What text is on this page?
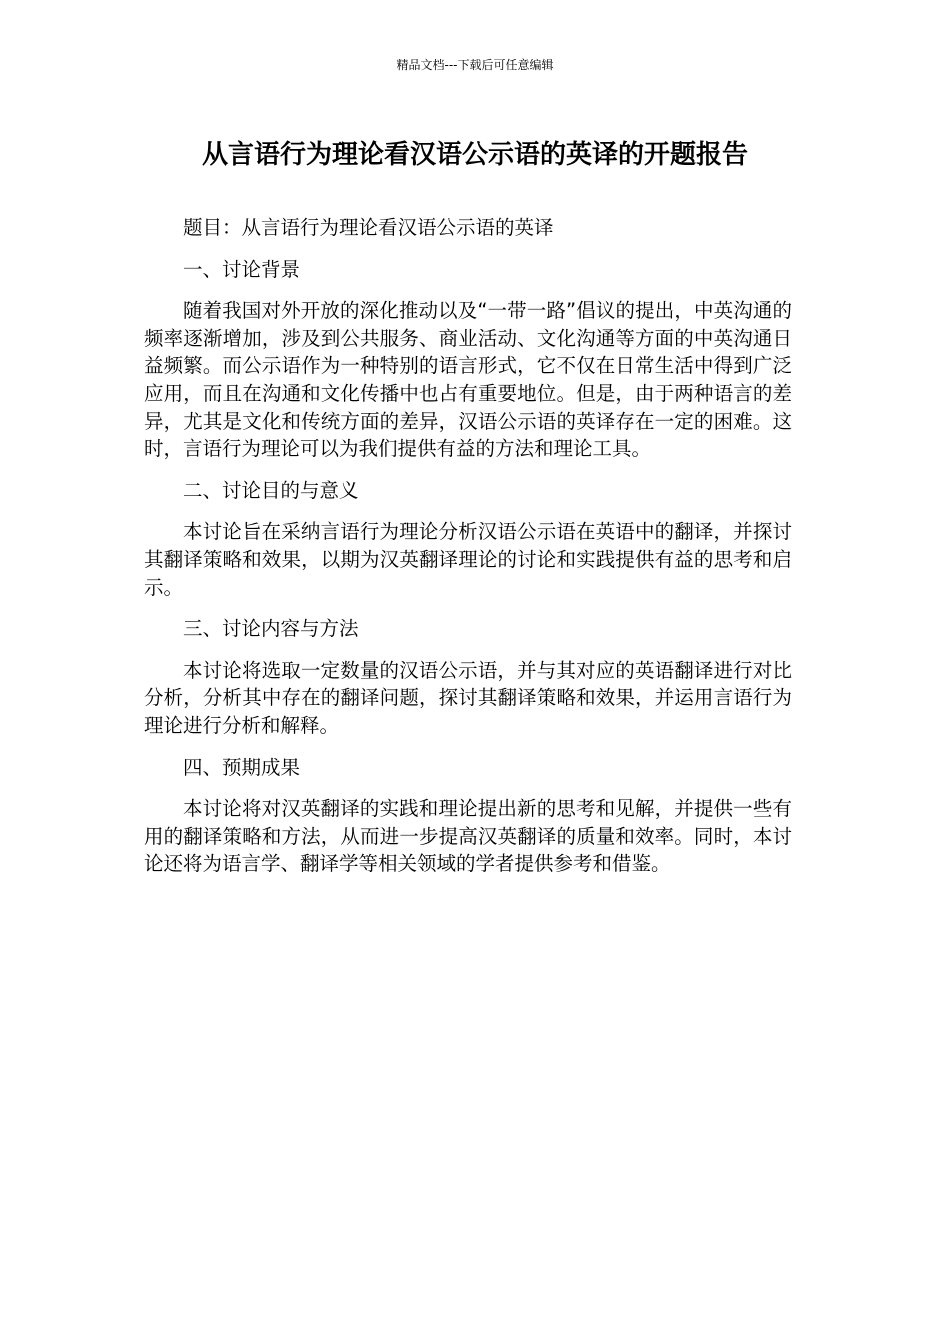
精品文档---下载后可任意编辑
从言语行为理论看汉语公示语的英译的开题报告

题目：从言语行为理论看汉语公示语的英译

一、讨论背景

随着我国对外开放的深化推动以及“一带一路”倡议的提出，中英沟通的频率逐渐增加，涉及到公共服务、商业活动、文化沟通等方面的中英沟通日益频繁。而公示语作为一种特别的语言形式，它不仅在日常生活中得到广泛应用，而且在沟通和文化传播中也占有重要地位。但是，由于两种语言的差异，尤其是文化和传统方面的差异，汉语公示语的英译存在一定的困难。这时，言语行为理论可以为我们提供有益的方法和理论工具。

二、讨论目的与意义

本讨论旨在采纳言语行为理论分析汉语公示语在英语中的翻译，并探讨其翻译策略和效果，以期为汉英翻译理论的讨论和实践提供有益的思考和启示。

三、讨论内容与方法

本讨论将选取一定数量的汉语公示语，并与其对应的英语翻译进行对比分析，分析其中存在的翻译问题，探讨其翻译策略和效果，并运用言语行为理论进行分析和解释。

四、预期成果

本讨论将对汉英翻译的实践和理论提出新的思考和见解，并提供一些有用的翻译策略和方法，从而进一步提高汉英翻译的质量和效率。同时，本讨论还将为语言学、翻译学等相关领域的学者提供参考和借鉴。
